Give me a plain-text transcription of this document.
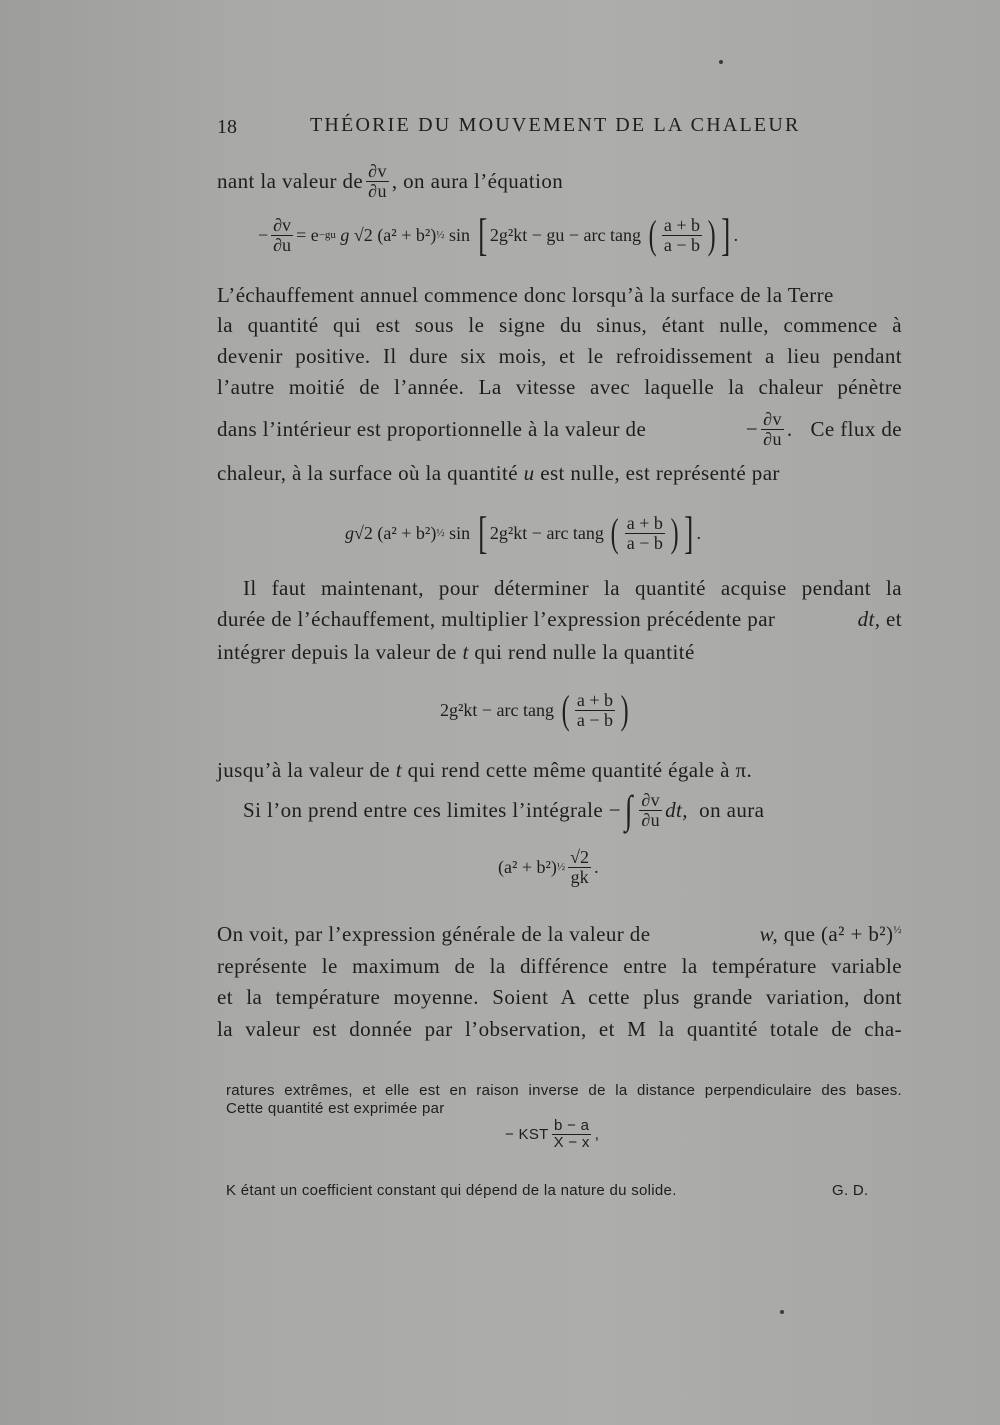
18	THÉORIE DU MOUVEMENT DE LA CHALEUR
nant la valeur de $\frac{\partial v}{\partial u}$ , on aura l’équation
− $\frac{\partial v}{\partial u} = e -gu$
g
√2
(a² + b²) ½
sin
[ 2g²kt − gu − arc tang
( $\frac{a + b}{a - b}$ ) ] .
L’échauffement annuel commence donc lorsqu’à la surface de la Terre
la quantité qui est sous le signe du sinus, étant nulle, commence à
devenir positive. Il dure six mois, et le refroidissement a lieu pendant
l’autre moitié de l’année. La vitesse avec laquelle la chaleur pénètre
dans l’intérieur est proportionnelle à la valeur de	− $\frac{\partial v}{\partial u}$ . Ce flux de
chaleur, à la surface où la quantité u est nulle, est représenté par
g √2
(a² + b²) ½
sin
[ 2g²kt − arc tang
( $\frac{a + b}{a - b}$ ) ] .
Il faut maintenant, pour déterminer la quantité acquise pendant la
durée de l’échauffement, multiplier l’expression précédente par	dt, et
intégrer depuis la valeur de t qui rend nulle la quantité
2g²kt − arc tang
( $\frac{a + b}{a - b}$ )
jusqu’à la valeur de t qui rend cette même quantité égale à π.
Si l’on prend entre ces limites l’intégrale
− ∫ $\frac{\partial v}{\partial u}$ dt,
on aura
(a² + b²) ½ $\frac{√2}{gk}$ .
On voit, par l’expression générale de la valeur de	w, que $(a^2 + b^2)^{\frac{1}{2}}$
représente le maximum de la différence entre la température variable
et la température moyenne. Soient A cette plus grande variation, dont
la valeur est donnée par l’observation, et M la quantité totale de cha-
ratures extrêmes, et elle est en raison inverse de la distance perpendiculaire des bases.
Cette quantité est exprimée par
− KST $\frac{b - a}{X - x}$ ,
K étant un coefficient constant qui dépend de la nature du solide.	G. D.
